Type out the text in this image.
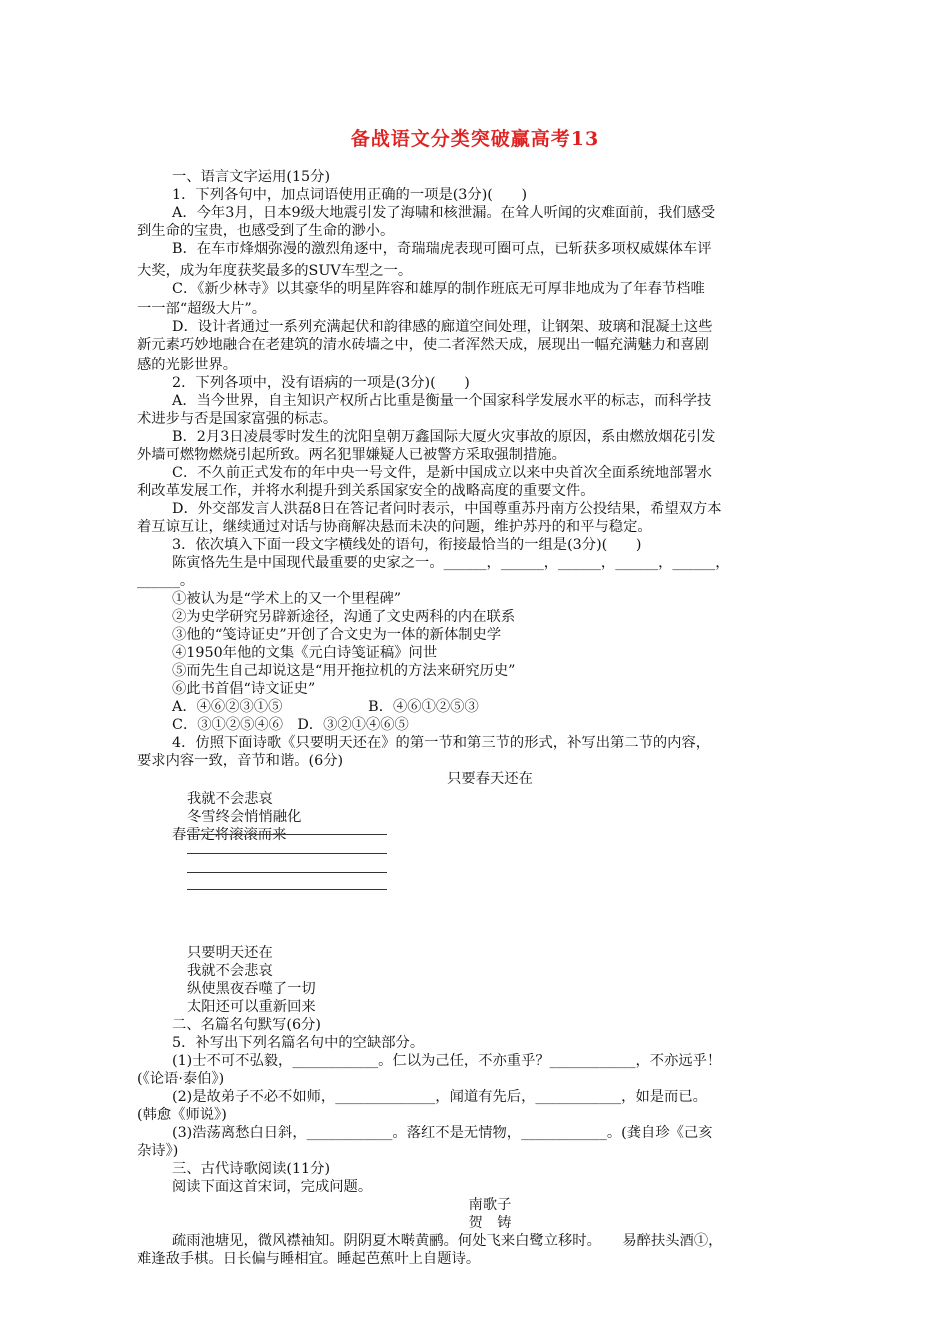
备战语文分类突破赢高考13
一、语言文字运用(15分)
1．下列各句中，加点词语使用正确的一项是(3分)(　　)
A．今年3月，日本9级大地震引发了海啸和核泄漏。在耸人听闻的灾难面前，我们感受
到生命的宝贵，也感受到了生命的渺小。
B．在车市烽烟弥漫的激烈角逐中，奇瑞瑞虎表现可圈可点，已斩获多项权威媒体车评
大奖，成为年度获奖最多的SUV车型之一。
C．《新少林寺》以其豪华的明星阵容和雄厚的制作班底无可厚非地成为了年春节档唯
一一部“超级大片”。
D．设计者通过一系列充满起伏和韵律感的廊道空间处理，让钢架、玻璃和混凝土这些
新元素巧妙地融合在老建筑的清水砖墙之中，使二者浑然天成，展现出一幅充满魅力和喜剧
感的光影世界。
2．下列各项中，没有语病的一项是(3分)(　　)
A．当今世界，自主知识产权所占比重是衡量一个国家科学发展水平的标志，而科学技
术进步与否是国家富强的标志。
B．2月3日凌晨零时发生的沈阳皇朝万鑫国际大厦火灾事故的原因，系由燃放烟花引发
外墙可燃物燃烧引起所致。两名犯罪嫌疑人已被警方采取强制措施。
C．不久前正式发布的年中央一号文件，是新中国成立以来中央首次全面系统地部署水
利改革发展工作，并将水利提升到关系国家安全的战略高度的重要文件。
D．外交部发言人洪磊8日在答记者问时表示，中国尊重苏丹南方公投结果，希望双方本
着互谅互让，继续通过对话与协商解决悬而未决的问题，维护苏丹的和平与稳定。
3．依次填入下面一段文字横线处的语句，衔接最恰当的一组是(3分)(　　)
陈寅恪先生是中国现代最重要的史家之一。______，______，______，______，______，
______。
①被认为是“学术上的又一个里程碑”
②为史学研究另辟新途径，沟通了文史两科的内在联系
③他的“笺诗证史”开创了合文史为一体的新体制史学
④1950年他的文集《元白诗笺证稿》问世
⑤而先生自己却说这是“用开拖拉机的方法来研究历史”
⑥此书首倡“诗文证史”
A．④⑥②③①⑤　　　　　　B．④⑥①②⑤③
C．③①②⑤④⑥　D．③②①④⑥⑤
4．仿照下面诗歌《只要明天还在》的第一节和第三节的形式，补写出第二节的内容，
要求内容一致，音节和谐。(6分)
我就不会悲哀
冬雪终会悄悄融化
春雷定将滚滚而来
只要明天还在
我就不会悲哀
纵使黑夜吞噬了一切
太阳还可以重新回来
二、名篇名句默写(6分)
5．补写出下列名篇名句中的空缺部分。
(1)士不可不弘毅，____________。仁以为己任，不亦重乎？____________，不亦远乎！
(《论语·泰伯》)
(2)是故弟子不必不如师，______________，闻道有先后，____________，如是而已。
(韩愈《师说》)
(3)浩荡离愁白日斜，____________。落红不是无情物，____________。(龚自珍《己亥
杂诗》)
三、古代诗歌阅读(11分)
阅读下面这首宋词，完成问题。
疏雨池塘见，微风襟袖知。阴阴夏木啭黄鹂。何处飞来白鹭立移时。　　易醉扶头酒①，
难逢敌手棋。日长偏与睡相宜。睡起芭蕉叶上自题诗。
只要春天还在
南歌子
贺　铸
